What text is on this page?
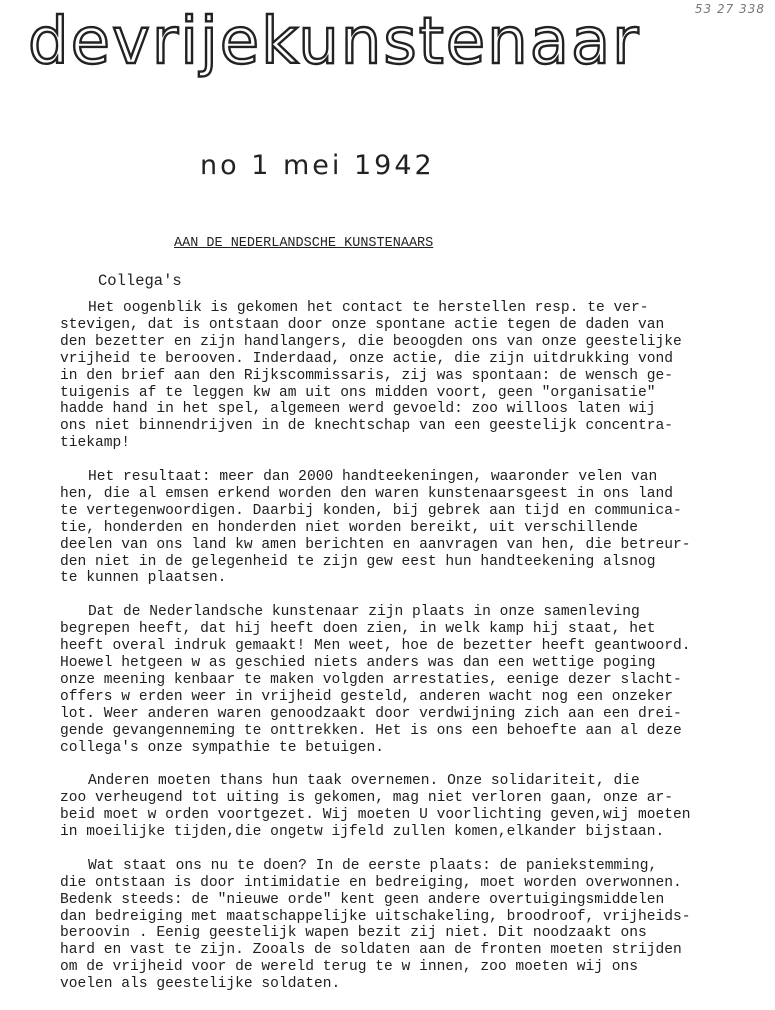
53 27 338
devrijekunstenaar
no 1 mei 1942
AAN DE NEDERLANDSCHE KUNSTENAARS
Collega's
Het oogenblik is gekomen het contact te herstellen resp. te ver-
stevigen, dat is ontstaan door onze spontane actie tegen de daden van
den bezetter en zijn handlangers, die beoogden ons van onze geestelijke
vrijheid te berooven. Inderdaad, onze actie, die zijn uitdrukking vond
in den brief aan den Rijkscommissaris, zij was spontaan: de wensch ge-
tuigenis af te leggen kw am uit ons midden voort, geen "organisatie"
hadde hand in het spel, algemeen werd gevoeld: zoo willoos laten wij
ons niet binnendrijven in de knechtschap van een geestelijk concentra-
tiekamp!
Het resultaat: meer dan 2000 handteekeningen, waaronder velen van
hen, die al emsen erkend worden den waren kunstenaarsgeest in ons land
te vertegenwoordigen. Daarbij konden, bij gebrek aan tijd en communica-
tie, honderden en honderden niet worden bereikt, uit verschillende
deelen van ons land kw amen berichten en aanvragen van hen, die betreur-
den niet in de gelegenheid te zijn gew eest hun handteekening alsnog
te kunnen plaatsen.
Dat de Nederlandsche kunstenaar zijn plaats in onze samenleving
begrepen heeft, dat hij heeft doen zien, in welk kamp hij staat, het
heeft overal indruk gemaakt! Men weet, hoe de bezetter heeft geantwoord.
Hoewel hetgeen w as geschied niets anders was dan een wettige poging
onze meening kenbaar te maken volgden arrestaties, eenige dezer slacht-
offers w erden weer in vrijheid gesteld, anderen wacht nog een onzeker
lot. Weer anderen waren genoodzaakt door verdwijning zich aan een drei-
gende gevangenneming te onttrekken. Het is ons een behoefte aan al deze
collega's onze sympathie te betuigen.
Anderen moeten thans hun taak overnemen. Onze solidariteit, die
zoo verheugend tot uiting is gekomen, mag niet verloren gaan, onze ar-
beid moet w orden voortgezet. Wij moeten U voorlichting geven,wij moeten
in moeilijke tijden,die ongetw ijfeld zullen komen,elkander bijstaan.
Wat staat ons nu te doen? In de eerste plaats: de paniekstemming,
die ontstaan is door intimidatie en bedreiging, moet worden overwonnen.
Bedenk steeds: de "nieuwe orde" kent geen andere overtuigingsmiddelen
dan bedreiging met maatschappelijke uitschakeling, broodroof, vrijheids-
beroovin . Eenig geestelijk wapen bezit zij niet. Dit noodzaakt ons
hard en vast te zijn. Zooals de soldaten aan de fronten moeten strijden
om de vrijheid voor de wereld terug te w innen, zoo moeten wij ons
voelen als geestelijke soldaten.
